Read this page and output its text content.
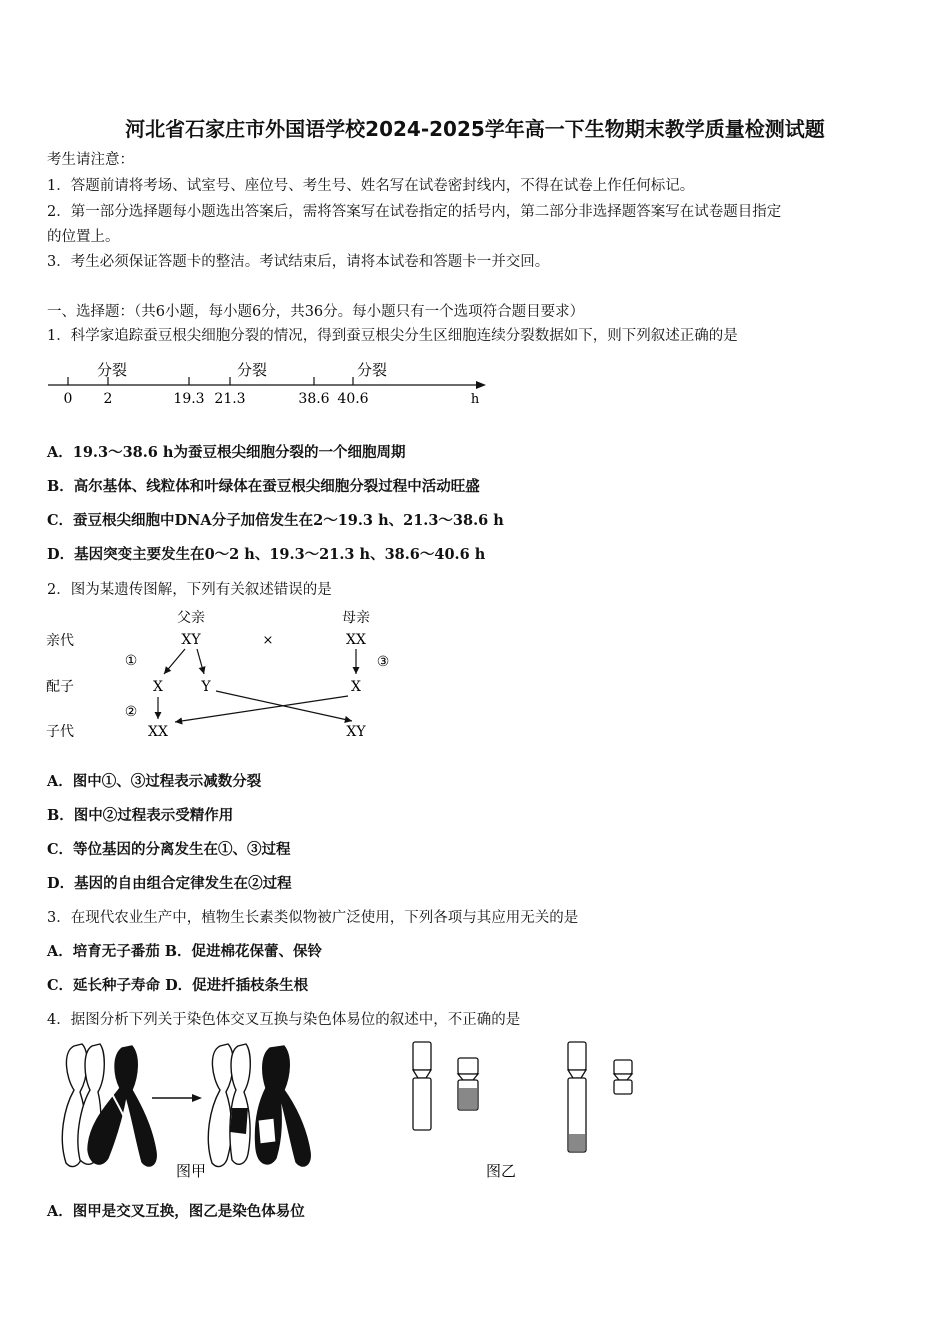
河北省石家庄市外国语学校2024-2025学年高一下生物期末教学质量检测试题
考生请注意：
1．答题前请将考场、试室号、座位号、考生号、姓名写在试卷密封线内，不得在试卷上作任何标记。
2．第一部分选择题每小题选出答案后，需将答案写在试卷指定的括号内，第二部分非选择题答案写在试卷题目指定
的位置上。
3．考生必须保证答题卡的整洁。考试结束后，请将本试卷和答题卡一并交回。
一、选择题：（共6小题，每小题6分，共36分。每小题只有一个选项符合题目要求）
1．科学家追踪蚕豆根尖细胞分裂的情况，得到蚕豆根尖分生区细胞连续分裂数据如下，则下列叙述正确的是
分裂	分裂	分裂
0 2	19.3 21.3	38.6 40.6	h
A．19.3～38.6 h为蚕豆根尖细胞分裂的一个细胞周期
B．高尔基体、线粒体和叶绿体在蚕豆根尖细胞分裂过程中活动旺盛
C．蚕豆根尖细胞中DNA分子加倍发生在2～19.3 h、21.3～38.6 h
D．基因突变主要发生在0～2 h、19.3～21.3 h、38.6～40.6 h
2．图为某遗传图解，下列有关叙述错误的是
亲代
配子
子代
父亲	母亲
XY	×	XX
①
②
③
X	Y	X
XX	XY
A．图中①、③过程表示减数分裂
B．图中②过程表示受精作用
C．等位基因的分离发生在①、③过程
D．基因的自由组合定律发生在②过程
3．在现代农业生产中，植物生长素类似物被广泛使用，下列各项与其应用无关的是
A．培育无子番茄 B．促进棉花保蕾、保铃
C．延长种子寿命 D．促进扦插枝条生根
4．据图分析下列关于染色体交叉互换与染色体易位的叙述中，不正确的是
图甲	图乙
A．图甲是交叉互换，图乙是染色体易位
